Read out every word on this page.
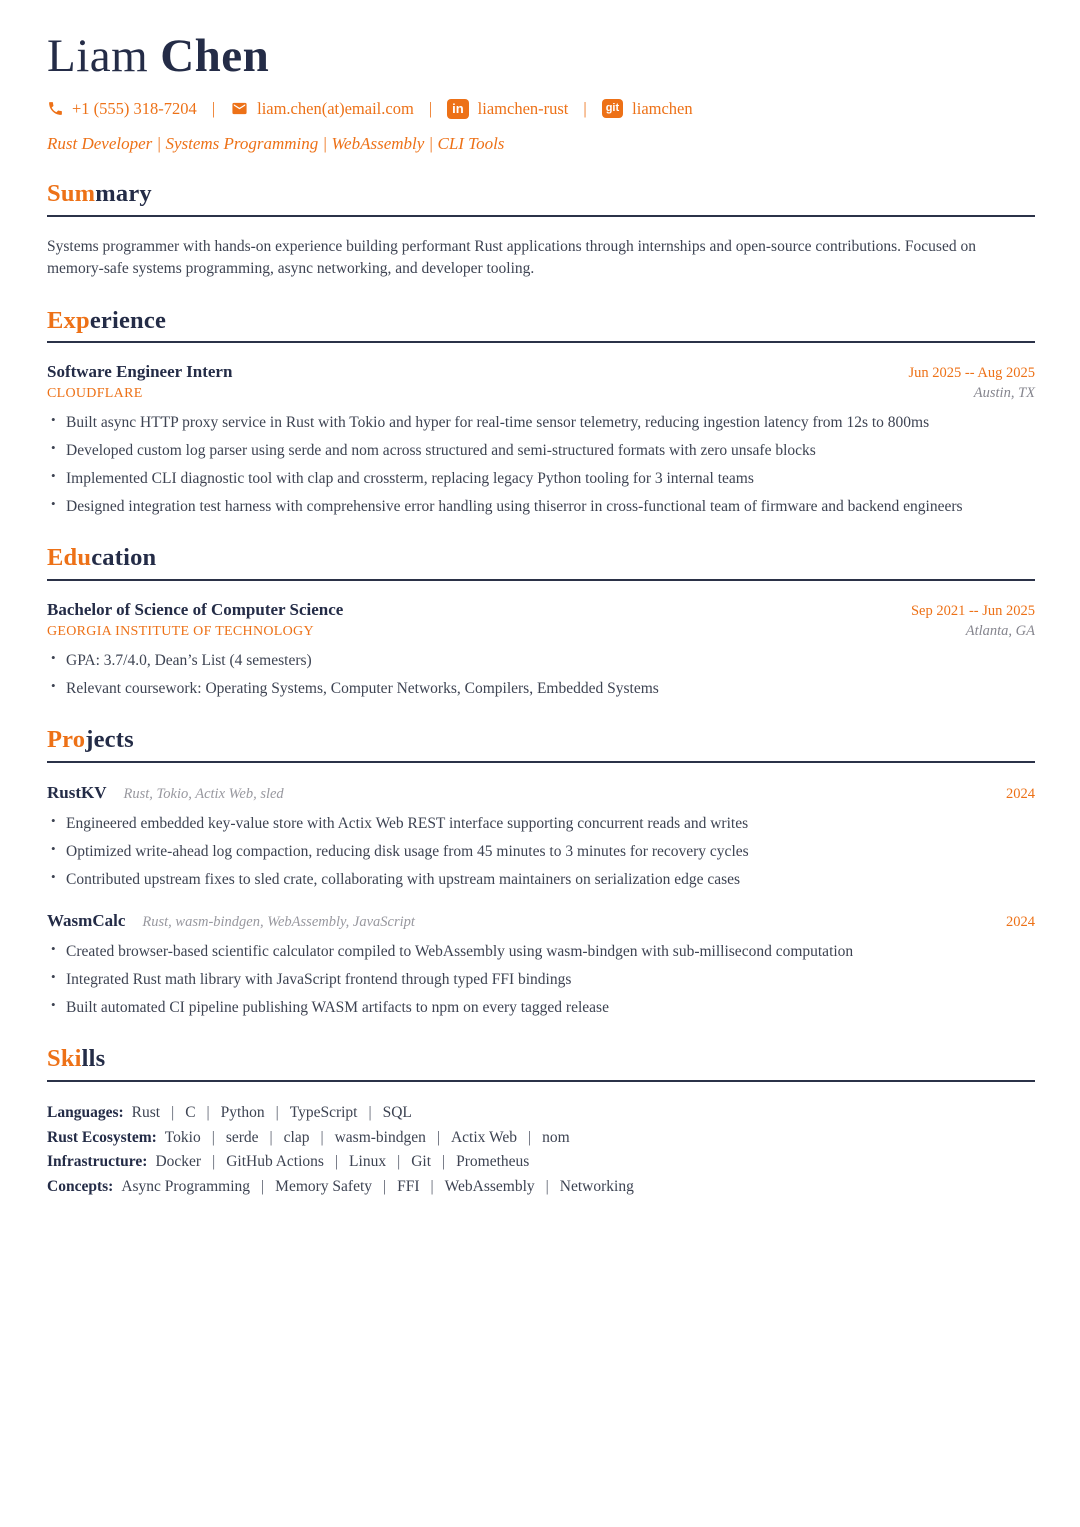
Liam Chen
+1 (555) 318-7204 |	liam.chen(at)email.com |	in liamchen-rust |	git liamchen

Rust Developer | Systems Programming | WebAssembly | CLI Tools

Summary

Systems programmer with hands-on experience building performant Rust applications through internships and open-source contributions. Focused on memory-safe systems programming, async networking, and developer tooling.

Experience
Software Engineer Intern	Jun 2025 -- Aug 2025
CLOUDFLARE	Austin, TX
• Built async HTTP proxy service in Rust with Tokio and hyper for real-time sensor telemetry, reducing ingestion latency from 12s to 800ms
• Developed custom log parser using serde and nom across structured and semi-structured formats with zero unsafe blocks
• Implemented CLI diagnostic tool with clap and crossterm, replacing legacy Python tooling for 3 internal teams
• Designed integration test harness with comprehensive error handling using thiserror in cross-functional team of firmware and backend engineers
Education
Bachelor of Science of Computer Science	Sep 2021 -- Jun 2025
GEORGIA INSTITUTE OF TECHNOLOGY	Atlanta, GA
• GPA: 3.7/4.0, Dean’s List (4 semesters)
• Relevant coursework: Operating Systems, Computer Networks, Compilers, Embedded Systems
Projects
RustKV Rust, Tokio, Actix Web, sled	2024
• Engineered embedded key-value store with Actix Web REST interface supporting concurrent reads and writes
• Optimized write-ahead log compaction, reducing disk usage from 45 minutes to 3 minutes for recovery cycles
• Contributed upstream fixes to sled crate, collaborating with upstream maintainers on serialization edge cases
WasmCalc Rust, wasm-bindgen, WebAssembly, JavaScript	2024
• Created browser-based scientific calculator compiled to WebAssembly using wasm-bindgen with sub-millisecond computation
• Integrated Rust math library with JavaScript frontend through typed FFI bindings
• Built automated CI pipeline publishing WASM artifacts to npm on every tagged release
Skills
Languages: Rust | C | Python | TypeScript | SQL
Rust Ecosystem: Tokio | serde | clap | wasm-bindgen | Actix Web | nom
Infrastructure: Docker | GitHub Actions | Linux | Git | Prometheus
Concepts: Async Programming | Memory Safety | FFI | WebAssembly | Networking
